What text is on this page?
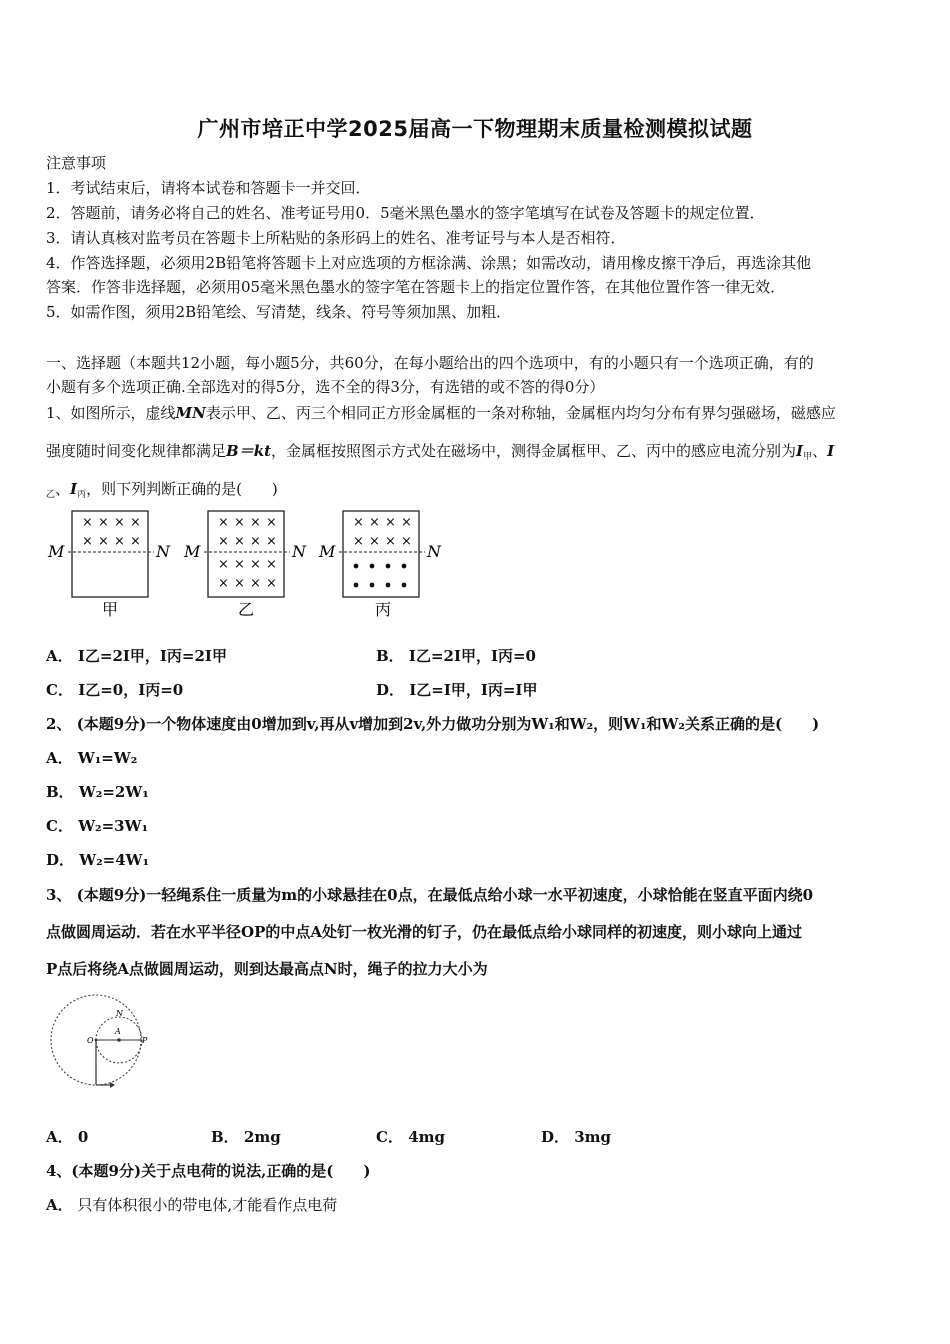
广州市培正中学2025届高一下物理期末质量检测模拟试题
注意事项
1．考试结束后，请将本试卷和答题卡一并交回．
2．答题前，请务必将自己的姓名、准考证号用0．5毫米黑色墨水的签字笔填写在试卷及答题卡的规定位置．
3．请认真核对监考员在答题卡上所粘贴的条形码上的姓名、准考证号与本人是否相符．
4．作答选择题，必须用2B铅笔将答题卡上对应选项的方框涂满、涂黑；如需改动，请用橡皮擦干净后，再选涂其他
答案．作答非选择题，必须用05毫米黑色墨水的签字笔在答题卡上的指定位置作答，在其他位置作答一律无效．
5．如需作图，须用2B铅笔绘、写清楚，线条、符号等须加黑、加粗．
一、选择题（本题共12小题，每小题5分，共60分，在每小题给出的四个选项中，有的小题只有一个选项正确，有的
小题有多个选项正确.全部选对的得5分，选不全的得3分，有选错的或不答的得0分）
1、如图所示，虚线MN表示甲、乙、丙三个相同正方形金属框的一条对称轴，金属框内均匀分布有界匀强磁场，磁感应
强度随时间变化规律都满足B＝kt，金属框按照图示方式处在磁场中，测得金属框甲、乙、丙中的感应电流分别为$I_甲$、I
$_乙$、$I_丙$，则下列判断正确的是(　　)
M	N
× × × ×
× × × ×
甲
M	N
× × × ×
× × × ×
× × × ×
× × × ×
乙
M	N
× × × ×
× × × ×
丙
A． I乙=2I甲，I丙=2I甲	B． I乙=2I甲，I丙=0
C． I乙=0，I丙=0	D． I乙=I甲，I丙=I甲
2、 (本题9分)一个物体速度由0增加到v,再从v增加到2v,外力做功分别为W₁和W₂，则W₁和W₂关系正确的是(　　)
A． W₁=W₂
B． W₂=2W₁
C． W₂=3W₁
D． W₂=4W₁
3、 (本题9分)一轻绳系住一质量为m的小球悬挂在0点，在最低点给小球一水平初速度，小球恰能在竖直平面内绕0
点做圆周运动．若在水平半径OP的中点A处钉一枚光滑的钉子，仍在最低点给小球同样的初速度，则小球向上通过
P点后将绕A点做圆周运动，则到达最高点N时，绳子的拉力大小为
N
A
O	P
A． 0	B． 2mg	C． 4mg	D． 3mg
4、(本题9分)关于点电荷的说法,正确的是(　　)
A． 只有体积很小的带电体,才能看作点电荷
